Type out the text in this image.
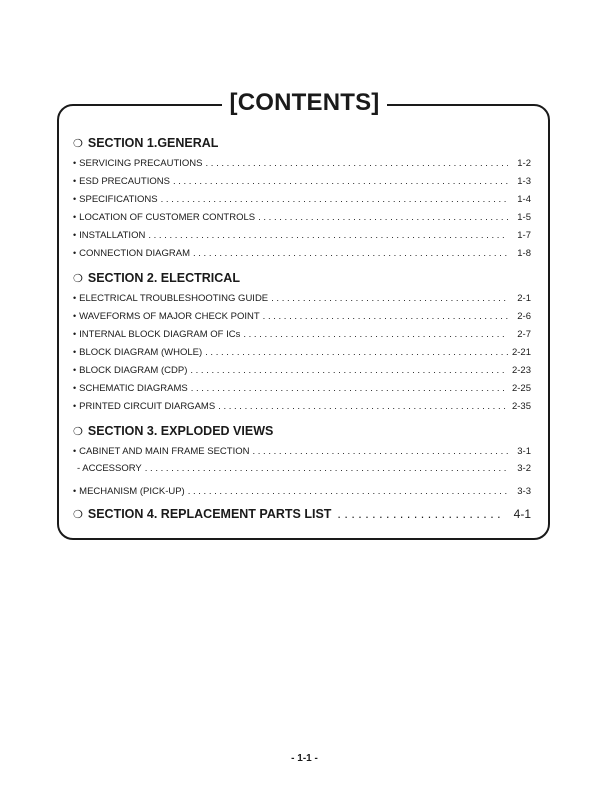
[CONTENTS]
❍ SECTION 1.GENERAL
• SERVICING PRECAUTIONS . . .	1-2
• ESD PRECAUTIONS . . .	1-3
• SPECIFICATIONS . . .	1-4
• LOCATION OF CUSTOMER CONTROLS . . .	1-5
• INSTALLATION . . .	1-7
• CONNECTION DIAGRAM . . .	1-8
❍ SECTION 2. ELECTRICAL
• ELECTRICAL TROUBLESHOOTING GUIDE . . .	2-1
• WAVEFORMS OF MAJOR CHECK POINT . . .	2-6
• INTERNAL BLOCK DIAGRAM OF ICs . . .	2-7
• BLOCK DIAGRAM (WHOLE) . . .	2-21
• BLOCK DIAGRAM (CDP) . . .	2-23
• SCHEMATIC DIAGRAMS . . .	2-25
• PRINTED CIRCUIT DIARGAMS . . .	2-35
❍ SECTION 3. EXPLODED VIEWS
• CABINET AND MAIN FRAME SECTION . . .	3-1
- ACCESSORY . . .	3-2
• MECHANISM (PICK-UP) . . .	3-3
❍ SECTION 4. REPLACEMENT PARTS LIST . . .	4-1
- 1-1 -
